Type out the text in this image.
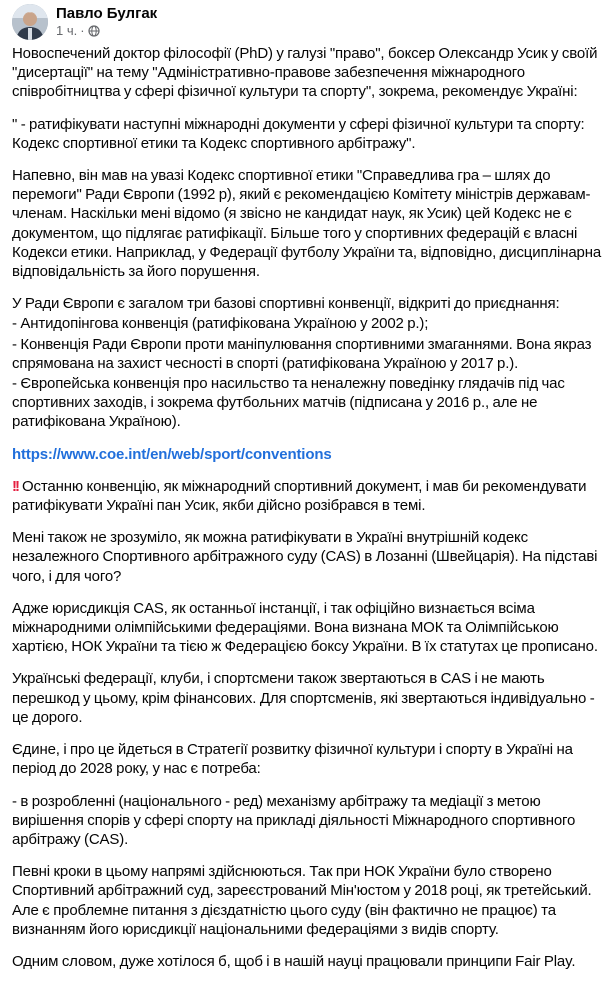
Павло Булгак
1 ч. ·

Новоспечений доктор філософії (PhD) у галузі "право", боксер Олександр Усик у своїй "дисертації" на тему "Адміністративно-правове забезпечення міжнародного співробітництва у сфері фізичної культури та спорту", зокрема, рекомендує Україні:

" - ратифікувати наступні міжнародні документи у сфері фізичної культури та спорту: Кодекс спортивної етики та Кодекс спортивного арбітражу".

Напевно, він мав на увазі Кодекс спортивної етики "Справедлива гра – шлях до перемоги" Ради Європи (1992 р), який є рекомендацією Комітету міністрів державам-членам. Наскільки мені відомо (я звісно не кандидат наук, як Усик) цей Кодекс не є документом, що підлягає ратифікації. Більше того у спортивних федерацій є власні Кодекси етики. Наприклад, у Федерації футболу України та, відповідно, дисциплінарна відповідальність за його порушення.

У Ради Європи є загалом три базові спортивні конвенції, відкриті до приєднання:

- Антидопінгова конвенція (ратифікована Україною у 2002 р.);

- Конвенція Ради Європи проти маніпулювання спортивними змаганнями. Вона якраз спрямована на захист чесності в спорті (ратифікована Україною у 2017 р.).

- Європейська конвенція про насильство та неналежну поведінку глядачів під час спортивних заходів, і зокрема футбольних матчів (підписана у 2016 р., але не ратифікована Україною).

https://www.coe.int/en/web/sport/conventions

!! Останню конвенцію, як міжнародний спортивний документ, і мав би рекомендувати ратифікувати Україні пан Усик, якби дійсно розібрався в темі.

Мені також не зрозуміло, як можна ратифікувати в Україні внутрішній кодекс незалежного Спортивного арбітражного суду (CAS) в Лозанні (Швейцарія). На підставі чого, і для чого?

Адже юрисдикція CAS, як останньої інстанції, і так офіційно визнається всіма міжнародними олімпійськими федераціями. Вона визнана МОК та Олімпійською хартією, НОК України та тією ж Федерацією боксу України. В їх статутах це прописано.

Українські федерації, клуби, і спортсмени також звертаються в CAS і не мають перешкод у цьому, крім фінансових. Для спортсменів, які звертаються індивідуально - це дорого.

Єдине, і про це йдеться в Стратегії розвитку фізичної культури і спорту в Україні на період до 2028 року, у нас є потреба:

- в розробленні (національного - ред) механізму арбітражу та медіації з метою вирішення спорів у сфері спорту на прикладі діяльності Міжнародного спортивного арбітражу (CAS).

Певні кроки в цьому напрямі здійснюються. Так при НОК України було створено Спортивний арбітражний суд, зареєстрований Мін'юстом у 2018 році, як третейський. Але є проблемне питання з дієздатністю цього суду (він фактично не працює) та визнанням його юрисдикції національними федераціями з видів спорту.

Одним словом, дуже хотілося б, щоб і в нашій науці працювали принципи Fair Play.
